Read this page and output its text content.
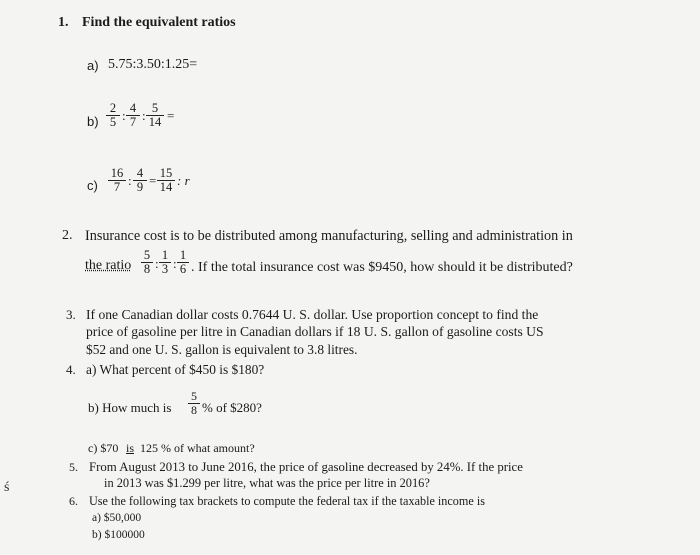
1. Find the equivalent ratios
a) 5.75:3.50:1.25=
$b) \frac{2}{5}$ : $\frac{4}{7}$ : $\frac{5}{14}$ =
$c) \frac{16}{7}$ : $\frac{4}{9} = \frac{15}{14}$ : r
2. Insurance cost is to be distributed among manufacturing, selling and administration in
the ratio $\frac{5}{8}$ : $\frac{1}{3}$ : $\frac{1}{6}$ . If the total insurance cost was $9450, how should it be distributed?
3. If one Canadian dollar costs 0.7644 U. S. dollar. Use proportion concept to find the
price of gasoline per litre in Canadian dollars if 18 U. S. gallon of gasoline costs US
$52 and one U. S. gallon is equivalent to 3.8 litres.
4. a) What percent of $450 is $180?
b) How much is $\frac{5}{8}$ % of $280?
c) $70 is 125 % of what amount?
5. From August 2013 to June 2016, the price of gasoline decreased by 24%. If the price
in 2013 was $1.299 per litre, what was the price per litre in 2016?
6. Use the following tax brackets to compute the federal tax if the taxable income is
a) $50,000
b) $100000
ś
